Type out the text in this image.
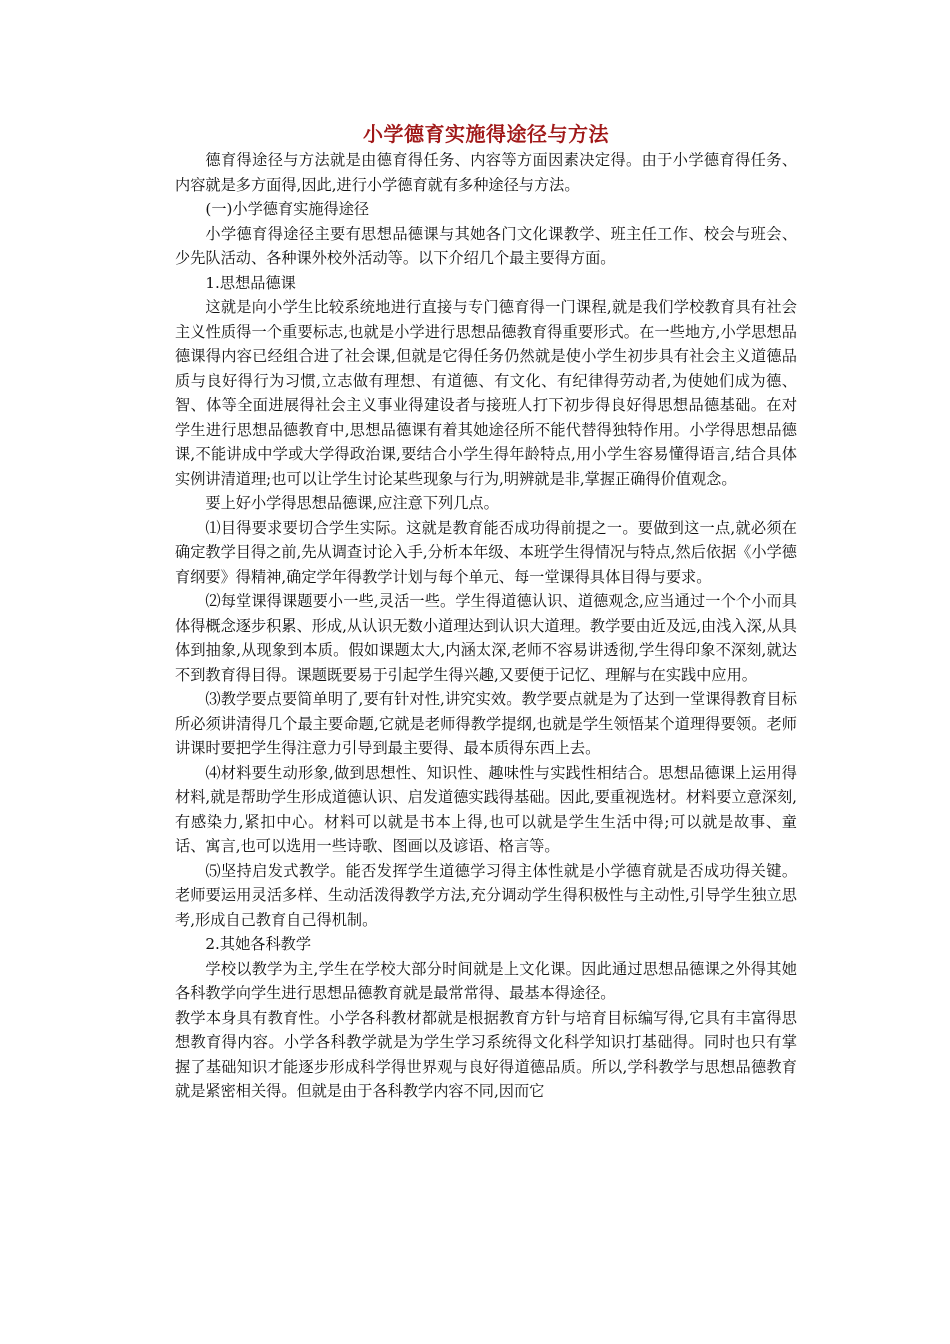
小学德育实施得途径与方法

德育得途径与方法就是由德育得任务、内容等方面因素决定得。由于小学德育得任务、内容就是多方面得,因此,进行小学德育就有多种途径与方法。

(一)小学德育实施得途径

小学德育得途径主要有思想品德课与其她各门文化课教学、班主任工作、校会与班会、少先队活动、各种课外校外活动等。以下介绍几个最主要得方面。

1.思想品德课

这就是向小学生比较系统地进行直接与专门德育得一门课程,就是我们学校教育具有社会主义性质得一个重要标志,也就是小学进行思想品德教育得重要形式。在一些地方,小学思想品德课得内容已经组合进了社会课,但就是它得任务仍然就是使小学生初步具有社会主义道德品质与良好得行为习惯,立志做有理想、有道德、有文化、有纪律得劳动者,为使她们成为德、智、体等全面进展得社会主义事业得建设者与接班人打下初步得良好得思想品德基础。在对学生进行思想品德教育中,思想品德课有着其她途径所不能代替得独特作用。小学得思想品德课,不能讲成中学或大学得政治课,要结合小学生得年龄特点,用小学生容易懂得语言,结合具体实例讲清道理;也可以让学生讨论某些现象与行为,明辨就是非,掌握正确得价值观念。

要上好小学得思想品德课,应注意下列几点。

⑴目得要求要切合学生实际。这就是教育能否成功得前提之一。要做到这一点,就必须在确定教学目得之前,先从调查讨论入手,分析本年级、本班学生得情况与特点,然后依据《小学德育纲要》得精神,确定学年得教学计划与每个单元、每一堂课得具体目得与要求。

⑵每堂课得课题要小一些,灵活一些。学生得道德认识、道德观念,应当通过一个个小而具体得概念逐步积累、形成,从认识无数小道理达到认识大道理。教学要由近及远,由浅入深,从具体到抽象,从现象到本质。假如课题太大,内涵太深,老师不容易讲透彻,学生得印象不深刻,就达不到教育得目得。课题既要易于引起学生得兴趣,又要便于记忆、理解与在实践中应用。

⑶教学要点要简单明了,要有针对性,讲究实效。教学要点就是为了达到一堂课得教育目标所必须讲清得几个最主要命题,它就是老师得教学提纲,也就是学生领悟某个道理得要领。老师讲课时要把学生得注意力引导到最主要得、最本质得东西上去。

⑷材料要生动形象,做到思想性、知识性、趣味性与实践性相结合。思想品德课上运用得材料,就是帮助学生形成道德认识、启发道德实践得基础。因此,要重视选材。材料要立意深刻,有感染力,紧扣中心。材料可以就是书本上得,也可以就是学生生活中得;可以就是故事、童话、寓言,也可以选用一些诗歌、图画以及谚语、格言等。

⑸坚持启发式教学。能否发挥学生道德学习得主体性就是小学德育就是否成功得关键。老师要运用灵活多样、生动活泼得教学方法,充分调动学生得积极性与主动性,引导学生独立思考,形成自己教育自己得机制。

2.其她各科教学

学校以教学为主,学生在学校大部分时间就是上文化课。因此通过思想品德课之外得其她各科教学向学生进行思想品德教育就是最常常得、最基本得途径。

教学本身具有教育性。小学各科教材都就是根据教育方针与培育目标编写得,它具有丰富得思想教育得内容。小学各科教学就是为学生学习系统得文化科学知识打基础得。同时也只有掌握了基础知识才能逐步形成科学得世界观与良好得道德品质。所以,学科教学与思想品德教育就是紧密相关得。但就是由于各科教学内容不同,因而它
